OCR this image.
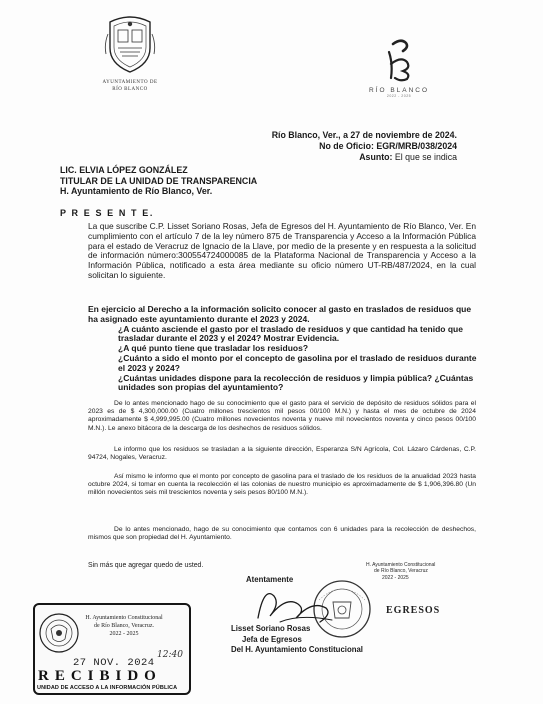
AYUNTAMIENTO DE
RÍO BLANCO	RÍO BLANCO
2022 - 2025
Río Blanco, Ver., a 27 de noviembre de 2024.
No de Oficio: EGR/MRB/038/2024
Asunto: El que se indica
LIC. ELVIA LÓPEZ GONZÁLEZ
TITULAR DE LA UNIDAD DE TRANSPARENCIA
H. Ayuntamiento de Río Blanco, Ver.
P R E S E N T E.
La que suscribe C.P. Lisset Soriano Rosas, Jefa de Egresos del H. Ayuntamiento de Río Blanco, Ver. En cumplimiento con el artículo 7 de la ley número 875 de Transparencia y Acceso a la Información Pública para el estado de Veracruz de Ignacio de la Llave, por medio de la presente y en respuesta a la solicitud de información número:300554724000085 de la Plataforma Nacional de Transparencia y Acceso a la Información Pública, notificado a esta área mediante su oficio número UT-RB/487/2024, en la cual solicitan lo siguiente.
En ejercicio al Derecho a la información solicito conocer al gasto en traslados de residuos que ha asignado este ayuntamiento durante el 2023 y 2024.
¿A cuánto asciende el gasto por el traslado de residuos y que cantidad ha tenido que trasladar durante el 2023 y el 2024? Mostrar Evidencia.
¿A qué punto tiene que trasladar los residuos?
¿Cuánto a sido el monto por el concepto de gasolina por el traslado de residuos durante el 2023 y 2024?
¿Cuántas unidades dispone para la recolección de residuos y limpia pública? ¿Cuántas unidades son propias del ayuntamiento?
De lo antes mencionado hago de su conocimiento que el gasto para el servicio de depósito de residuos sólidos para el 2023 es de $ 4,300,000.00 (Cuatro millones trescientos mil pesos 00/100 M.N.) y hasta el mes de octubre de 2024 aproximadamente $ 4,999,995.00 (Cuatro millones novecientos noventa y nueve mil novecientos noventa y cinco pesos 00/100 M.N.). Le anexo bitácora de la descarga de los deshechos de residuos sólidos.
Le informo que los residuos se trasladan a la siguiente dirección, Esperanza S/N Agrícola, Col. Lázaro Cárdenas, C.P. 94724, Nogales, Veracruz.
Así mismo le informo que el monto por concepto de gasolina para el traslado de los residuos de la anualidad 2023 hasta octubre 2024, si tomar en cuenta la recolección el las colonias de nuestro municipio es aproximadamente de $ 1,906,396.80 (Un millón novecientos seis mil trescientos noventa y seis pesos 80/100 M.N.).
De lo antes mencionado, hago de su conocimiento que contamos con 6 unidades para la recolección de deshechos, mismos que son propiedad del H. Ayuntamiento.
Sin más que agregar quedo de usted.	H. Ayuntamiento Constitucional
de Río Blanco, Veracruz
2022 - 2025
EGRESOS
Atentamente
Lisset Soriano Rosas
Jefa de Egresos
Del H. Ayuntamiento Constitucional
H. Ayuntamiento Constitucional
de Río Blanco, Veracruz.
2022 - 2025
27 NOV. 2024
12:40
RECIBIDO
UNIDAD DE ACCESO A LA INFORMACIÓN PÚBLICA
